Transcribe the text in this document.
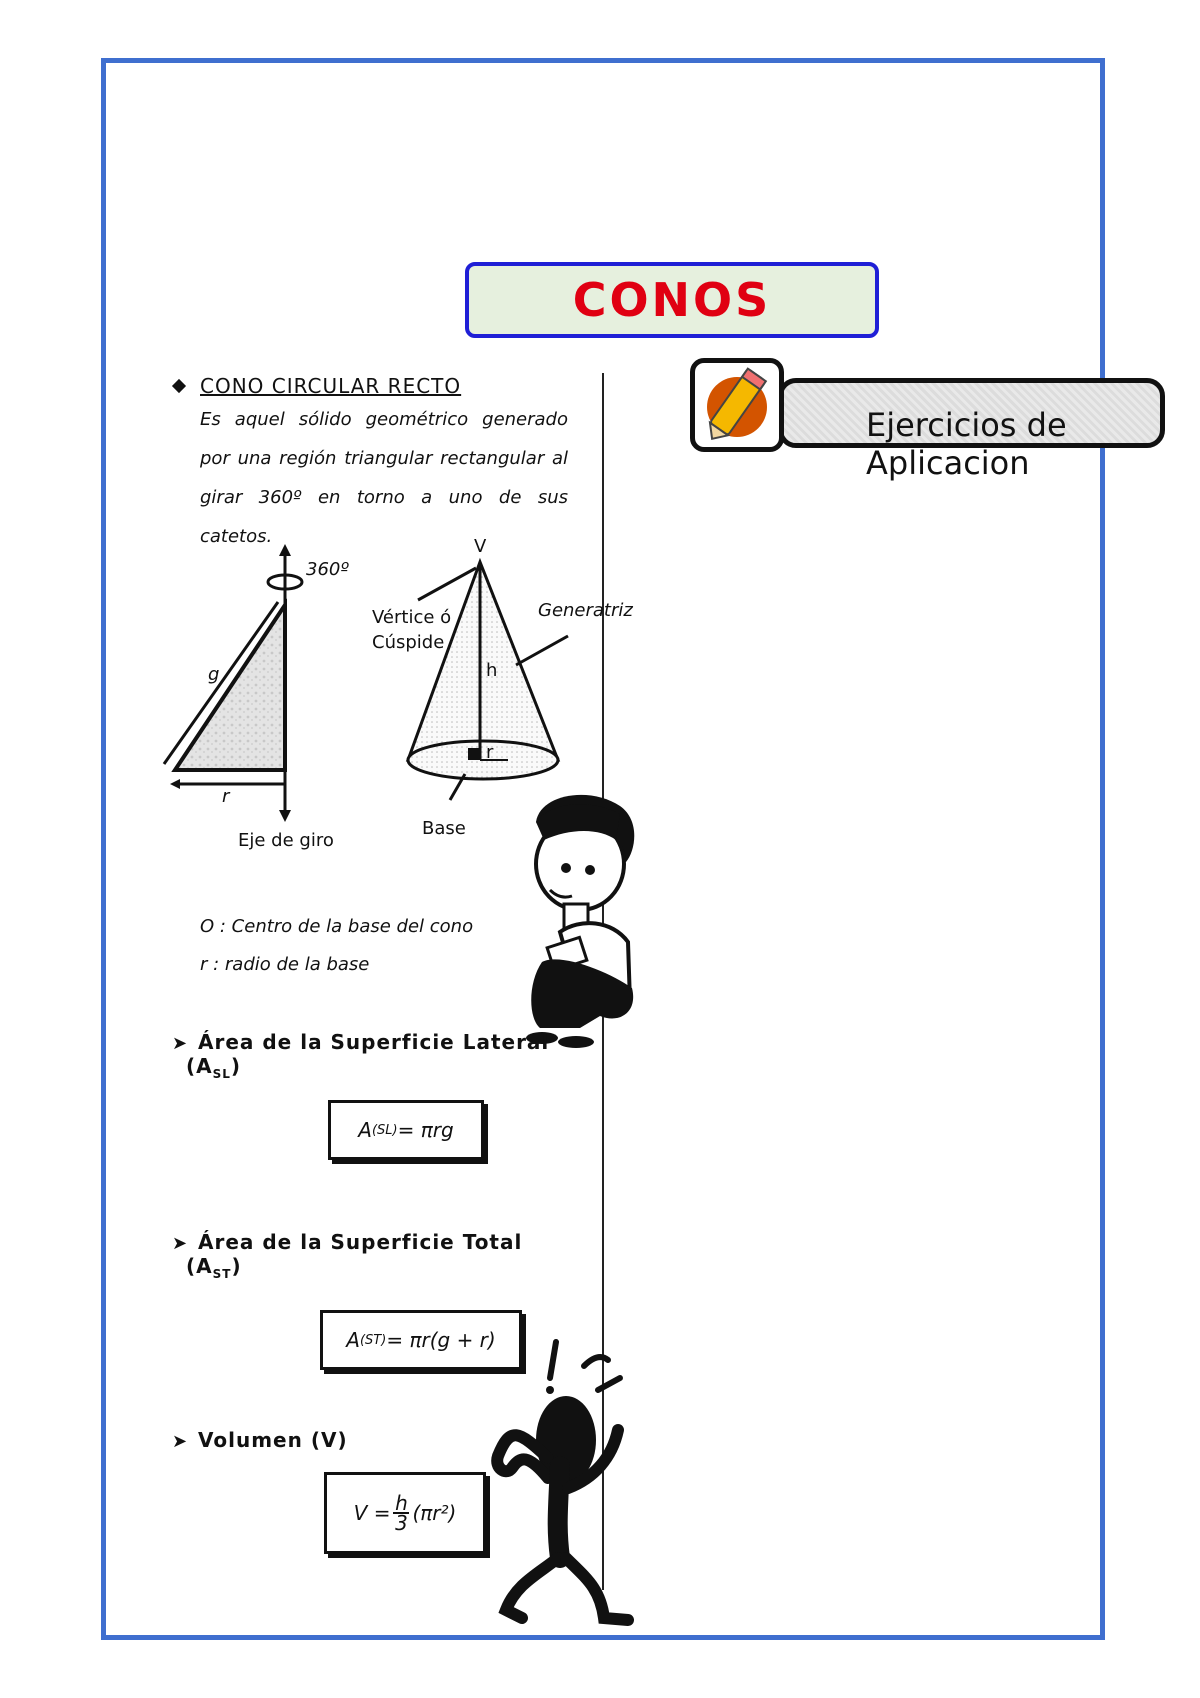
CONOS
Ejercicios de Aplicacion
CONO CIRCULAR RECTO
Es aquel sólido geométrico generado por una región triangular rectangular al girar 360º en torno a uno de sus catetos.
360º
g
r
Eje de giro
V
Vértice ó
Cúspide
Generatriz
h
r
Base
O : Centro de la base del cono
r : radio de la base
➤ Área de la Superficie Lateral $(A_{SL})$
A (SL) = πrg
➤ Área de la Superficie Total $(A_{ST})$
A (ST) = πr(g + r)
➤ Volumen (V)
V = h
3 (πr²)
